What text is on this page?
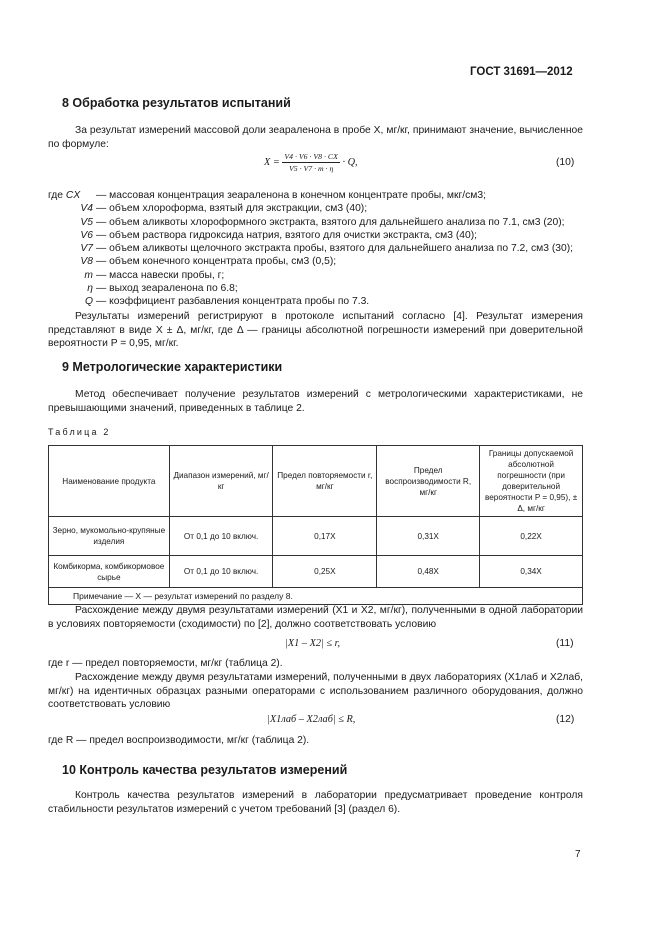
ГОСТ 31691—2012
8 Обработка результатов испытаний
За результат измерений массовой доли зеараленона в пробе X, мг/кг, принимают значение, вычисленное по формуле:
$X = \frac{V4 \cdot V6 \cdot V8 \cdot CX}{V5 \cdot V7 \cdot m \cdot \eta} \cdot Q$,	(10)
где CX	— массовая концентрация зеараленона в конечном концентрате пробы, мкг/см3;
V4 — объем хлороформа, взятый для экстракции, см3 (40);
V5 — объем аликвоты хлороформного экстракта, взятого для дальнейшего анализа по 7.1, см3 (20);
V6 — объем раствора гидроксида натрия, взятого для очистки экстракта, см3 (40);
V7 — объем аликвоты щелочного экстракта пробы, взятого для дальнейшего анализа по 7.2, см3 (30);
V8 — объем конечного концентрата пробы, см3 (0,5);
m — масса навески пробы, г;
η — выход зеараленона по 6.8;
Q — коэффициент разбавления концентрата пробы по 7.3.
Результаты измерений регистрируют в протоколе испытаний согласно [4]. Результат измерения представляют в виде X ± Δ, мг/кг, где Δ — границы абсолютной погрешности измерений при доверительной вероятности P = 0,95, мг/кг.
9 Метрологические характеристики
Метод обеспечивает получение результатов измерений с метрологическими характеристиками, не превышающими значений, приведенных в таблице 2.
Таблица 2
Наименование продукта	Диапазон измерений, мг/кг	Предел повторяемости r, мг/кг	Предел воспроизводимости R, мг/кг	Границы допускаемой абсолютной погрешности (при доверительной вероятности P = 0,95), ± Δ, мг/кг
Зерно, мукомольно-крупяные изделия	От 0,1 до 10 включ.	0,17X	0,31X	0,22X
Комбикорма, комбикормовое сырье	От 0,1 до 10 включ.	0,25X	0,48X	0,34X
Примечание — X — результат измерений по разделу 8.				
Расхождение между двумя результатами измерений (X1 и X2, мг/кг), полученными в одной лаборатории в условиях повторяемости (сходимости) по [2], должно соответствовать условию
|X1 – X2| ≤ r,	(11)
где r — предел повторяемости, мг/кг (таблица 2).
Расхождение между двумя результатами измерений, полученными в двух лабораториях (X1лаб и X2лаб, мг/кг) на идентичных образцах разными операторами с использованием различного оборудования, должно соответствовать условию
|X1лаб – X2лаб| ≤ R,	(12)
где R — предел воспроизводимости, мг/кг (таблица 2).
10 Контроль качества результатов измерений
Контроль качества результатов измерений в лаборатории предусматривает проведение контроля стабильности результатов измерений с учетом требований [3] (раздел 6).
7
